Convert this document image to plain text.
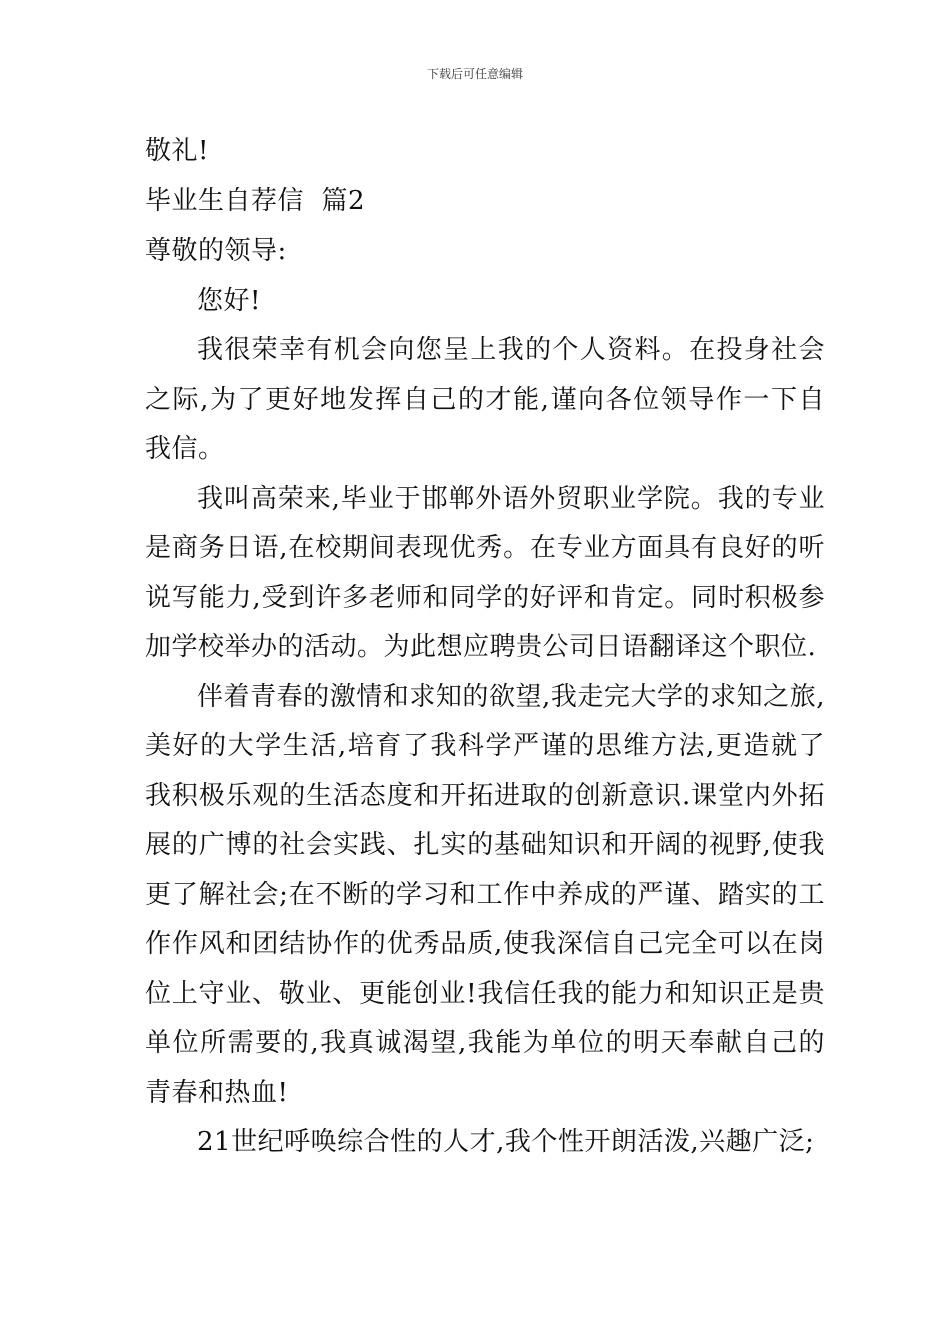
下载后可任意编辑
敬礼!
毕业生自荐信  篇2
尊敬的领导:
您好!

我很荣幸有机会向您呈上我的个人资料。在投身社会之际,为了更好地发挥自己的才能,谨向各位领导作一下自我信。

我叫高荣来,毕业于邯郸外语外贸职业学院。我的专业是商务日语,在校期间表现优秀。在专业方面具有良好的听说写能力,受到许多老师和同学的好评和肯定。同时积极参加学校举办的活动。为此想应聘贵公司日语翻译这个职位.

伴着青春的激情和求知的欲望,我走完大学的求知之旅,美好的大学生活,培育了我科学严谨的思维方法,更造就了我积极乐观的生活态度和开拓进取的创新意识.课堂内外拓展的广博的社会实践、扎实的基础知识和开阔的视野,使我更了解社会;在不断的学习和工作中养成的严谨、踏实的工作作风和团结协作的优秀品质,使我深信自己完全可以在岗位上守业、敬业、更能创业!我信任我的能力和知识正是贵单位所需要的,我真诚渴望,我能为单位的明天奉献自己的青春和热血!

21世纪呼唤综合性的人才,我个性开朗活泼,兴趣广泛;
